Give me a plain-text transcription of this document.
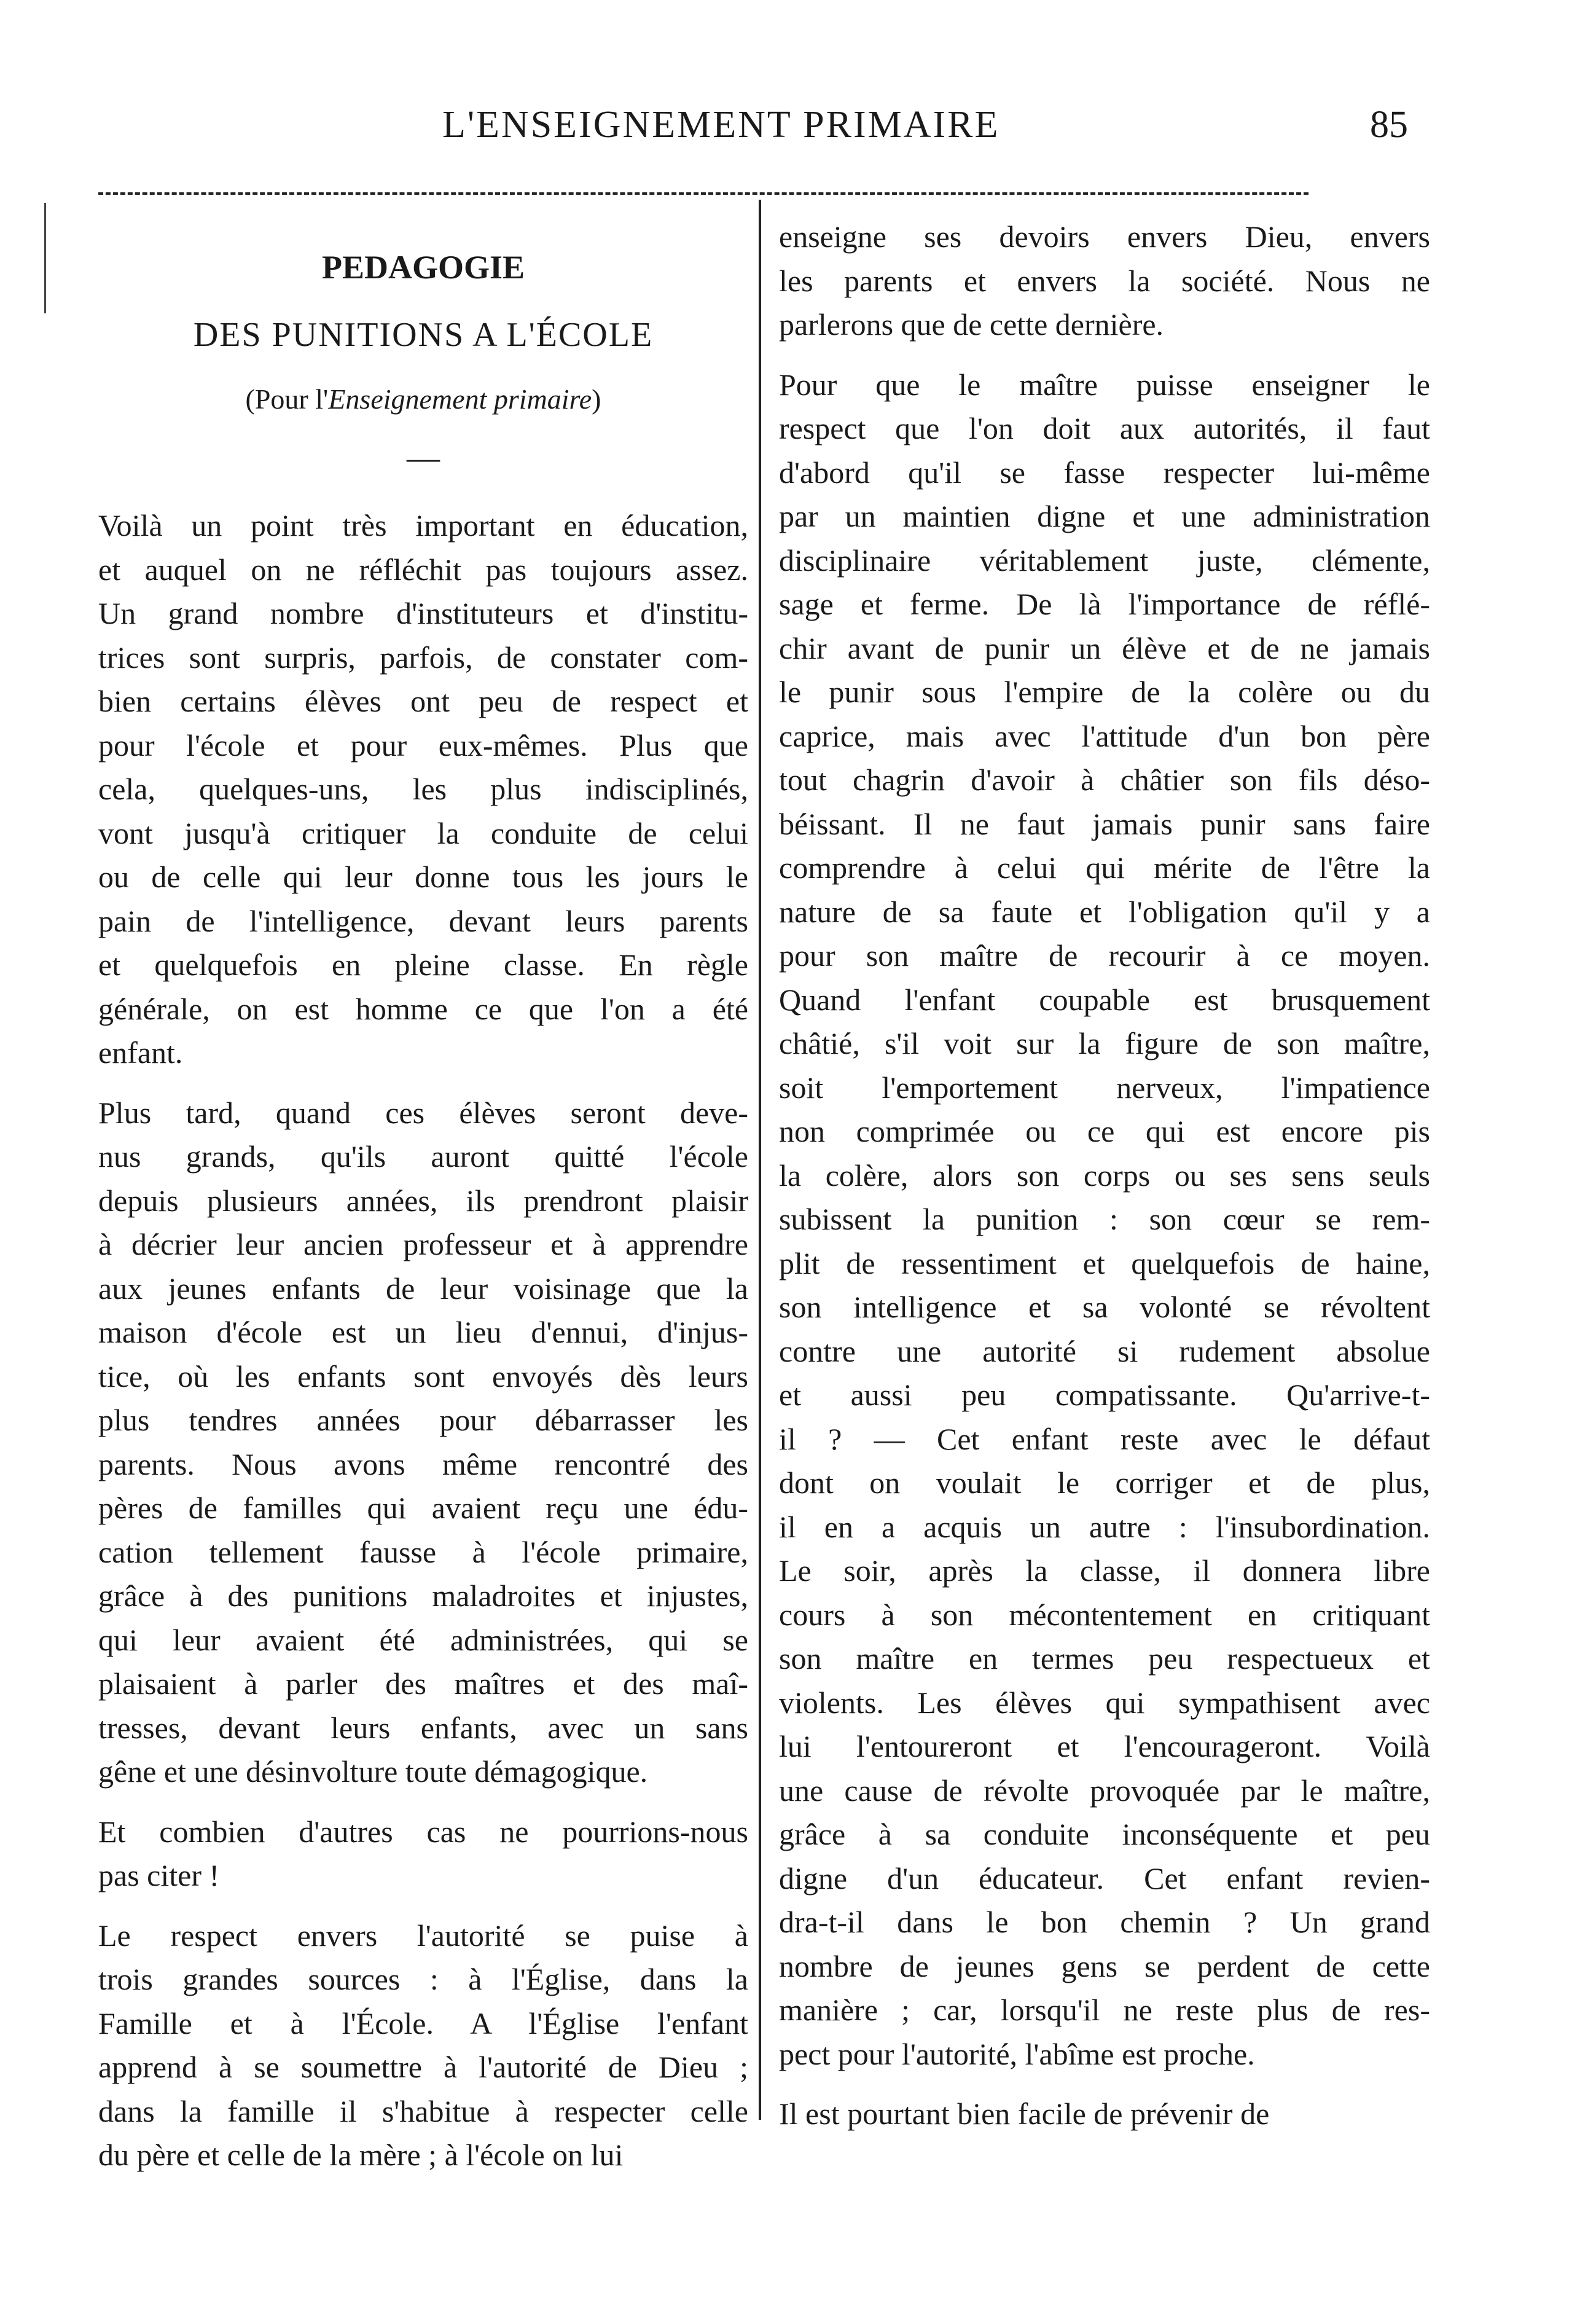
L'ENSEIGNEMENT PRIMAIRE	85
PEDAGOGIE
DES PUNITIONS A L'ÉCOLE
(Pour l'Enseignement primaire)
—
Voilà un point très important en éducation,
et auquel on ne réfléchit pas toujours assez.
Un grand nombre d'instituteurs et d'institu-
trices sont surpris, parfois, de constater com-
bien certains élèves ont peu de respect et
pour l'école et pour eux-mêmes. Plus que
cela, quelques-uns, les plus indisciplinés,
vont jusqu'à critiquer la conduite de celui
ou de celle qui leur donne tous les jours le
pain de l'intelligence, devant leurs parents
et quelquefois en pleine classe. En règle
générale, on est homme ce que l'on a été
enfant.
Plus tard, quand ces élèves seront deve-
nus grands, qu'ils auront quitté l'école
depuis plusieurs années, ils prendront plaisir
à décrier leur ancien professeur et à apprendre
aux jeunes enfants de leur voisinage que la
maison d'école est un lieu d'ennui, d'injus-
tice, où les enfants sont envoyés dès leurs
plus tendres années pour débarrasser les
parents. Nous avons même rencontré des
pères de familles qui avaient reçu une édu-
cation tellement fausse à l'école primaire,
grâce à des punitions maladroites et injustes,
qui leur avaient été administrées, qui se
plaisaient à parler des maîtres et des maî-
tresses, devant leurs enfants, avec un sans
gêne et une désinvolture toute démagogique.
Et combien d'autres cas ne pourrions-nous
pas citer !
Le respect envers l'autorité se puise à
trois grandes sources : à l'Église, dans la
Famille et à l'École. A l'Église l'enfant
apprend à se soumettre à l'autorité de Dieu ;
dans la famille il s'habitue à respecter celle
du père et celle de la mère ; à l'école on lui
enseigne ses devoirs envers Dieu, envers
les parents et envers la société. Nous ne
parlerons que de cette dernière.
Pour que le maître puisse enseigner le
respect que l'on doit aux autorités, il faut
d'abord qu'il se fasse respecter lui-même
par un maintien digne et une administration
disciplinaire véritablement juste, clémente,
sage et ferme. De là l'importance de réflé-
chir avant de punir un élève et de ne jamais
le punir sous l'empire de la colère ou du
caprice, mais avec l'attitude d'un bon père
tout chagrin d'avoir à châtier son fils déso-
béissant. Il ne faut jamais punir sans faire
comprendre à celui qui mérite de l'être la
nature de sa faute et l'obligation qu'il y a
pour son maître de recourir à ce moyen.
Quand l'enfant coupable est brusquement
châtié, s'il voit sur la figure de son maître,
soit l'emportement nerveux, l'impatience
non comprimée ou ce qui est encore pis
la colère, alors son corps ou ses sens seuls
subissent la punition : son cœur se rem-
plit de ressentiment et quelquefois de haine,
son intelligence et sa volonté se révoltent
contre une autorité si rudement absolue
et aussi peu compatissante. Qu'arrive-t-
il ? — Cet enfant reste avec le défaut
dont on voulait le corriger et de plus,
il en a acquis un autre : l'insubordination.
Le soir, après la classe, il donnera libre
cours à son mécontentement en critiquant
son maître en termes peu respectueux et
violents. Les élèves qui sympathisent avec
lui l'entoureront et l'encourageront. Voilà
une cause de révolte provoquée par le maître,
grâce à sa conduite inconséquente et peu
digne d'un éducateur. Cet enfant revien-
dra-t-il dans le bon chemin ? Un grand
nombre de jeunes gens se perdent de cette
manière ; car, lorsqu'il ne reste plus de res-
pect pour l'autorité, l'abîme est proche.
Il est pourtant bien facile de prévenir de
